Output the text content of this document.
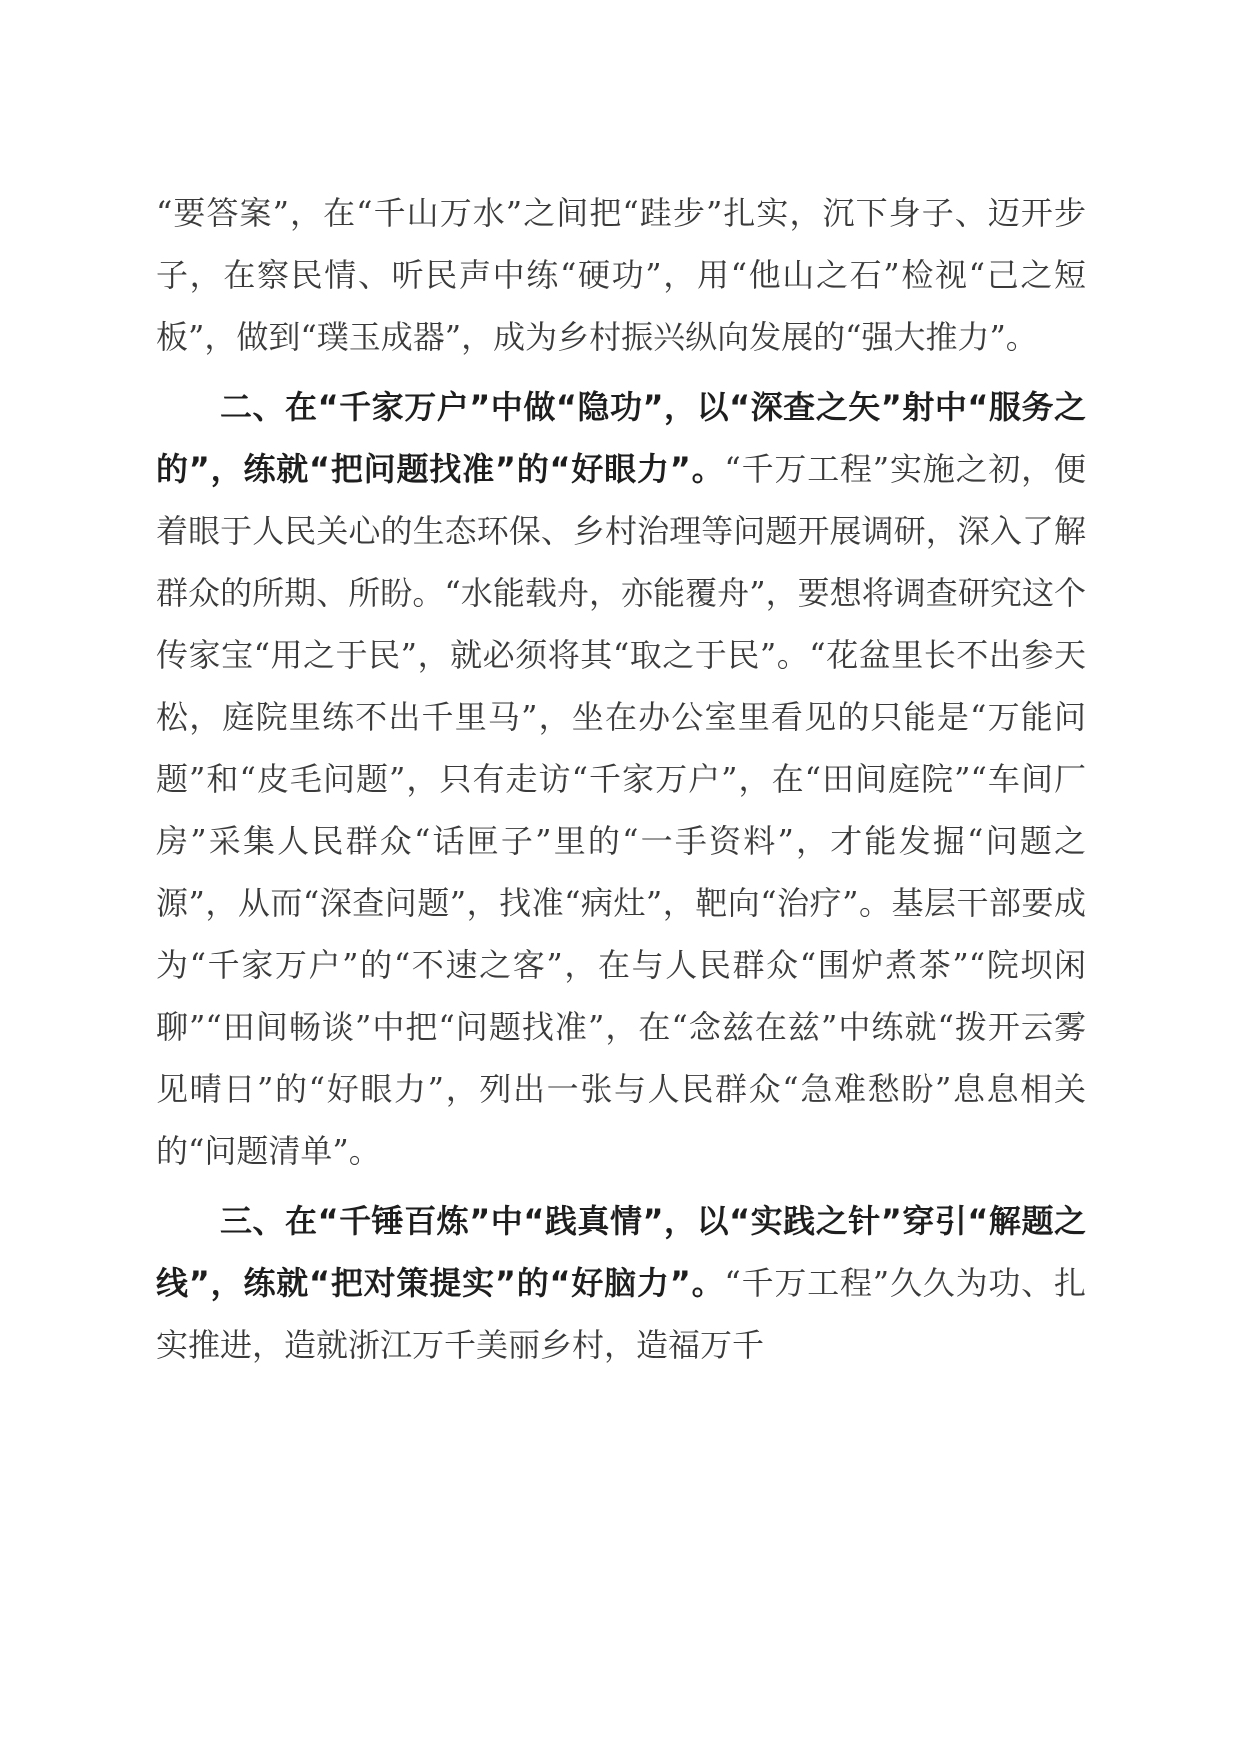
“要答案”，在“千山万水”之间把“跬步”扎实，沉下身子、迈开步子，在察民情、听民声中练“硬功”，用“他山之石”检视“己之短板”，做到“璞玉成器”，成为乡村振兴纵向发展的“强大推力”。

二、在“千家万户”中做“隐功”，以“深查之矢”射中“服务之的”，练就“把问题找准”的“好眼力”。“千万工程”实施之初，便着眼于人民关心的生态环保、乡村治理等问题开展调研，深入了解群众的所期、所盼。“水能载舟，亦能覆舟”，要想将调查研究这个传家宝“用之于民”，就必须将其“取之于民”。“花盆里长不出参天松，庭院里练不出千里马”，坐在办公室里看见的只能是“万能问题”和“皮毛问题”，只有走访“千家万户”，在“田间庭院”“车间厂房”采集人民群众“话匣子”里的“一手资料”，才能发掘“问题之源”，从而“深查问题”，找准“病灶”，靶向“治疗”。基层干部要成为“千家万户”的“不速之客”，在与人民群众“围炉煮茶”“院坝闲聊”“田间畅谈”中把“问题找准”，在“念兹在兹”中练就“拨开云雾见晴日”的“好眼力”，列出一张与人民群众“急难愁盼”息息相关的“问题清单”。

三、在“千锤百炼”中“践真情”，以“实践之针”穿引“解题之线”，练就“把对策提实”的“好脑力”。“千万工程”久久为功、扎实推进，造就浙江万千美丽乡村，造福万千
